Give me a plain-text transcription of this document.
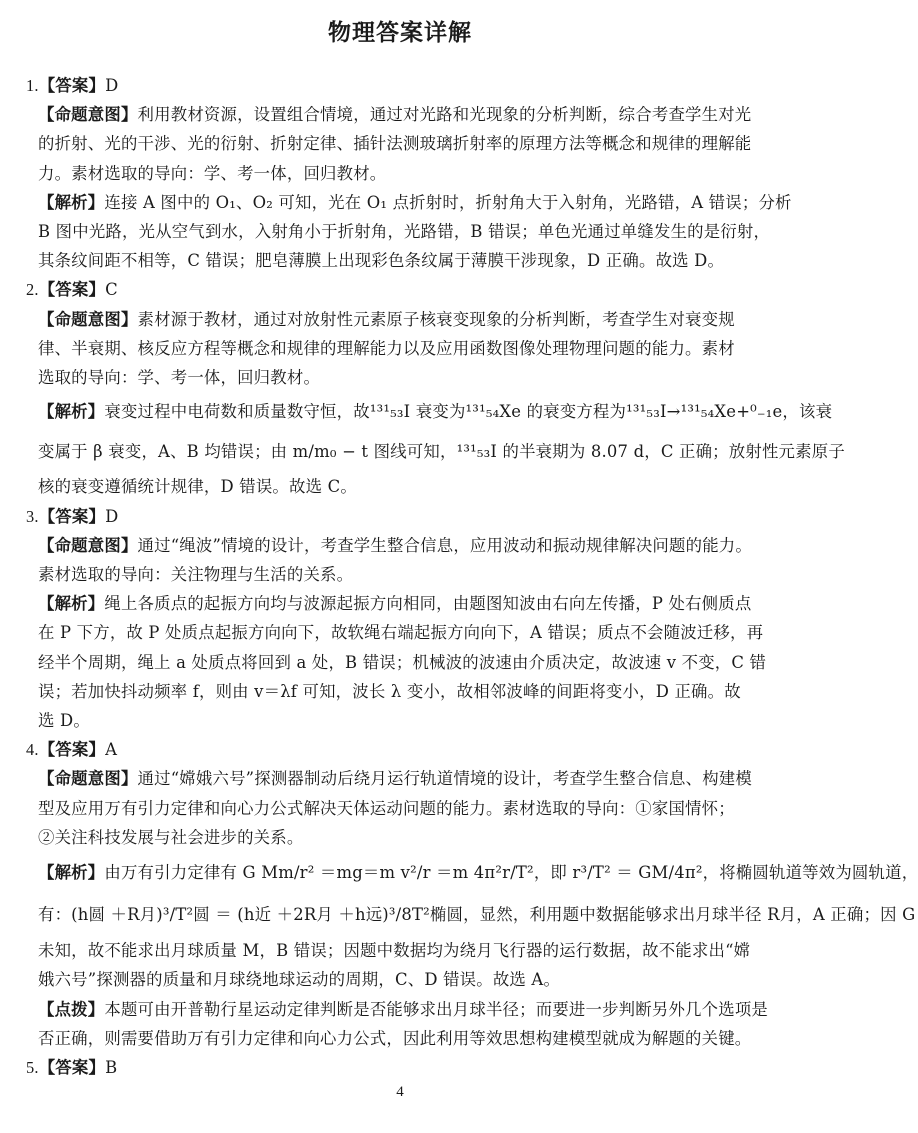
物理答案详解
1.【答案】D
【命题意图】利用教材资源，设置组合情境，通过对光路和光现象的分析判断，综合考查学生对光
的折射、光的干涉、光的衍射、折射定律、插针法测玻璃折射率的原理方法等概念和规律的理解能
力。素材选取的导向：学、考一体，回归教材。
【解析】连接 A 图中的 O₁、O₂ 可知，光在 O₁ 点折射时，折射角大于入射角，光路错，A 错误；分析
B 图中光路，光从空气到水，入射角小于折射角，光路错，B 错误；单色光通过单缝发生的是衍射，
其条纹间距不相等，C 错误；肥皂薄膜上出现彩色条纹属于薄膜干涉现象，D 正确。故选 D。
2.【答案】C
【命题意图】素材源于教材，通过对放射性元素原子核衰变现象的分析判断，考查学生对衰变规
律、半衰期、核反应方程等概念和规律的理解能力以及应用函数图像处理物理问题的能力。素材
选取的导向：学、考一体，回归教材。
【解析】衰变过程中电荷数和质量数守恒，故¹³¹₅₃I 衰变为¹³¹₅₄Xe 的衰变方程为¹³¹₅₃I→¹³¹₅₄Xe+⁰₋₁e，该衰
变属于 β 衰变，A、B 均错误；由 m/m₀ − t 图线可知，¹³¹₅₃I 的半衰期为 8.07 d，C 正确；放射性元素原子
核的衰变遵循统计规律，D 错误。故选 C。
3.【答案】D
【命题意图】通过“绳波”情境的设计，考查学生整合信息，应用波动和振动规律解决问题的能力。
素材选取的导向：关注物理与生活的关系。
【解析】绳上各质点的起振方向均与波源起振方向相同，由题图知波由右向左传播，P 处右侧质点
在 P 下方，故 P 处质点起振方向向下，故软绳右端起振方向向下，A 错误；质点不会随波迁移，再
经半个周期，绳上 a 处质点将回到 a 处，B 错误；机械波的波速由介质决定，故波速 v 不变，C 错
误；若加快抖动频率 f，则由 v＝λf 可知，波长 λ 变小，故相邻波峰的间距将变小，D 正确。故
选 D。
4.【答案】A
【命题意图】通过“嫦娥六号”探测器制动后绕月运行轨道情境的设计，考查学生整合信息、构建模
型及应用万有引力定律和向心力公式解决天体运动问题的能力。素材选取的导向：①家国情怀；
②关注科技发展与社会进步的关系。
【解析】由万有引力定律有 G Mm/r² ＝mg＝m v²/r ＝m 4π²r/T²，即 r³/T² ＝ GM/4π²，将椭圆轨道等效为圆轨道，
有：(h圆 ＋R月)³/T²圆 ＝ (h近 ＋2R月 ＋h远)³/8T²椭圆，显然，利用题中数据能够求出月球半径 R月，A 正确；因 G
未知，故不能求出月球质量 M，B 错误；因题中数据均为绕月飞行器的运行数据，故不能求出“嫦
娥六号”探测器的质量和月球绕地球运动的周期，C、D 错误。故选 A。
【点拨】本题可由开普勒行星运动定律判断是否能够求出月球半径；而要进一步判断另外几个选项是
否正确，则需要借助万有引力定律和向心力公式，因此利用等效思想构建模型就成为解题的关键。
5.【答案】B
4
